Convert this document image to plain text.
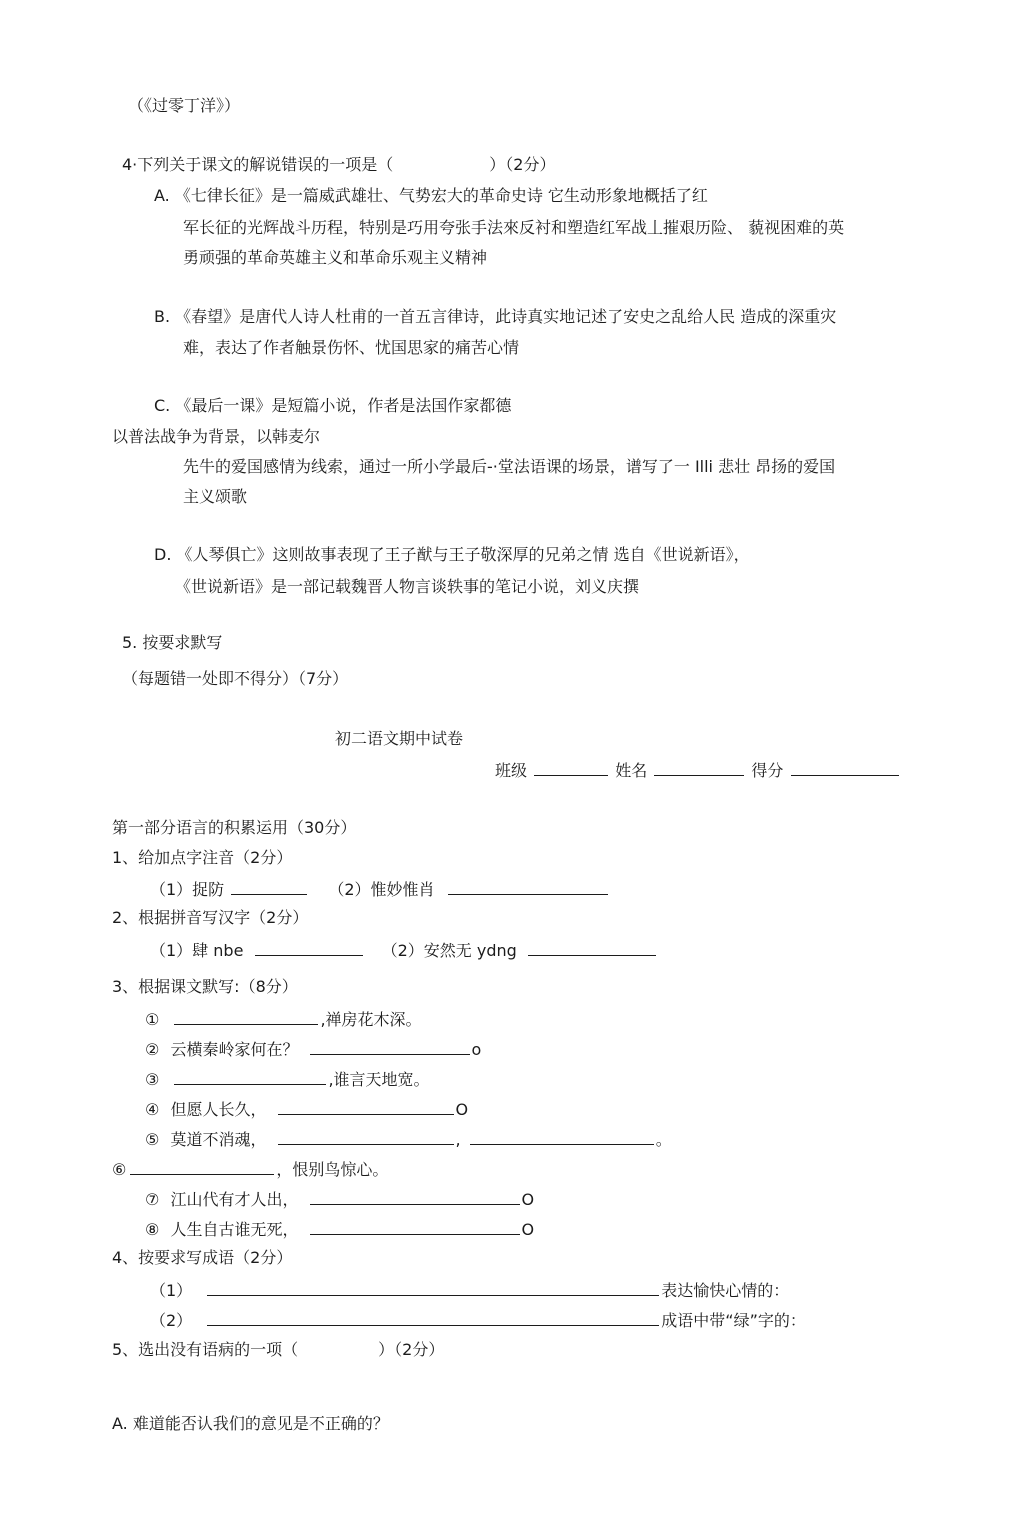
（《过零丁洋》）
4·下列关于课文的解说错误的一项是（　　　　　　）（2分）
A. 《七律长征》是一篇威武雄壮、气势宏大的革命史诗 它生动形象地概括了红
军长征的光辉战斗历程，特别是巧用夸张手法來反衬和塑造红军战丄摧艰历险、 藐视困难的英
勇顽强的革命英雄主义和革命乐观主义精神
B. 《春望》是唐代人诗人杜甫的一首五言律诗，此诗真实地记述了安史之乱给人民 造成的深重灾
难，表达了作者触景伤怀、忧国思家的痛苦心情
C. 《最后一课》是短篇小说，作者是法国作家都德
以普法战争为背景，以韩麦尔
先牛的爱国感情为线索，通过一所小学最后-·堂法语课的场景，谱写了一 Illi 悲壮 昂扬的爱国
主义颂歌
D. 《人琴俱亡》这则故事表现了王子猷与王子敬深厚的兄弟之情 选自《世说新语》，
《世说新语》是一部记载魏晋人物言谈轶事的笔记小说，刘义庆撰
5. 按要求默写
（每题错一处即不得分）（7分）
初二语文期中试卷
班级	姓名	得分
第一部分语言的积累运用（30分）
1、给加点字注音（2分）
（1）捉防	（2）惟妙惟肖
2、根据拼音写汉字（2分）
（1）肆 nbe	（2）安然无 ydng
3、根据课文默写:（8分）
①	,禅房花木深。
② 云横秦岭家何在？	o
③	,谁言天地宽。
④ 但愿人长久，	O
⑤ 莫道不消魂，	,	。
⑥	，恨别鸟惊心。
⑦ 江山代有才人出，	O
⑧ 人生自古谁无死，	O
4、按要求写成语（2分）
（1）	表达愉快心情的：
（2）	成语中带“绿”字的：
5、选出没有语病的一项（　　　　　）（2分）
A. 难道能否认我们的意见是不正确的？
